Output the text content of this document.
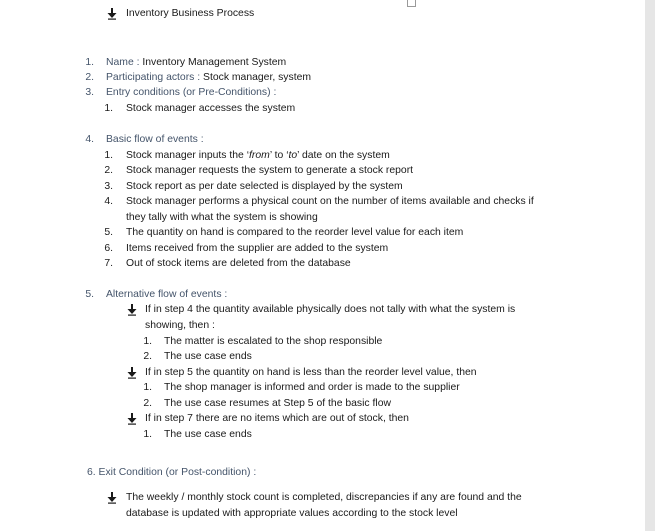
Inventory Business Process
1. Name : Inventory Management System
2. Participating actors : Stock manager, system
3. Entry conditions (or Pre-Conditions) :
1. Stock manager accesses the system
4. Basic flow of events :
1. Stock manager inputs the ‘from’ to ‘to’ date on the system
2. Stock manager requests the system to generate a stock report
3. Stock report as per date selected is displayed by the system
4. Stock manager performs a physical count on the number of items available and checks if
they tally with what the system is showing
5. The quantity on hand is compared to the reorder level value for each item
6. Items received from the supplier are added to the system
7. Out of stock items are deleted from the database
5. Alternative flow of events :
If in step 4 the quantity available physically does not tally with what the system is
showing, then :
1. The matter is escalated to the shop responsible
2. The use case ends
If in step 5 the quantity on hand is less than the reorder level value, then
1. The shop manager is informed and order is made to the supplier
2. The use case resumes at Step 5 of the basic flow
If in step 7 there are no items which are out of stock, then
1. The use case ends
6. Exit Condition (or Post-condition) :
The weekly / monthly stock count is completed, discrepancies if any are found and the
database is updated with appropriate values according to the stock level
